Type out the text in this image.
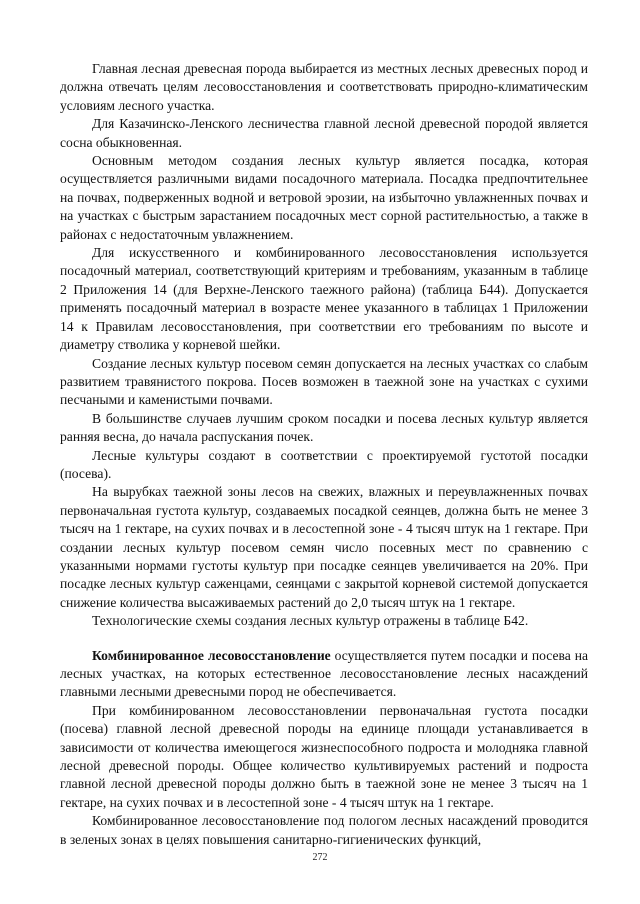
Главная лесная древесная порода выбирается из местных лесных древесных пород и должна отвечать целям лесовосстановления и соответствовать природно-климатическим условиям лесного участка.

Для Казачинско-Ленского лесничества главной лесной древесной породой является сосна обыкновенная.

Основным методом создания лесных культур является посадка, которая осуществляется различными видами посадочного материала. Посадка предпочтительнее на почвах, подверженных водной и ветровой эрозии, на избыточно увлажненных почвах и на участках с быстрым зарастанием посадочных мест сорной растительностью, а также в районах с недостаточным увлажнением.

Для искусственного и комбинированного лесовосстановления используется посадочный материал, соответствующий критериям и требованиям, указанным в таблице 2 Приложения 14 (для Верхне-Ленского таежного района) (таблица Б44). Допускается применять посадочный материал в возрасте менее указанного в таблицах 1 Приложении 14 к Правилам лесовосстановления, при соответствии его требованиям по высоте и диаметру стволика у корневой шейки.

Создание лесных культур посевом семян допускается на лесных участках со слабым развитием травянистого покрова. Посев возможен в таежной зоне на участках с сухими песчаными и каменистыми почвами.

В большинстве случаев лучшим сроком посадки и посева лесных культур является ранняя весна, до начала распускания почек.

Лесные культуры создают в соответствии с проектируемой густотой посадки (посева).

На вырубках таежной зоны лесов на свежих, влажных и переувлажненных почвах первоначальная густота культур, создаваемых посадкой сеянцев, должна быть не менее 3 тысяч на 1 гектаре, на сухих почвах и в лесостепной зоне - 4 тысяч штук на 1 гектаре. При создании лесных культур посевом семян число посевных мест по сравнению с указанными нормами густоты культур при посадке сеянцев увеличивается на 20%. При посадке лесных культур саженцами, сеянцами с закрытой корневой системой допускается снижение количества высаживаемых растений до 2,0 тысяч штук на 1 гектаре.

Технологические схемы создания лесных культур отражены в таблице Б42.

Комбинированное лесовосстановление осуществляется путем посадки и посева на лесных участках, на которых естественное лесовосстановление лесных насаждений главными лесными древесными пород не обеспечивается.

При комбинированном лесовосстановлении первоначальная густота посадки (посева) главной лесной древесной породы на единице площади устанавливается в зависимости от количества имеющегося жизнеспособного подроста и молодняка главной лесной древесной породы. Общее количество культивируемых растений и подроста главной лесной древесной породы должно быть в таежной зоне не менее 3 тысяч на 1 гектаре, на сухих почвах и в лесостепной зоне - 4 тысяч штук на 1 гектаре.

Комбинированное лесовосстановление под пологом лесных насаждений проводится в зеленых зонах в целях повышения санитарно-гигиенических функций,

272
